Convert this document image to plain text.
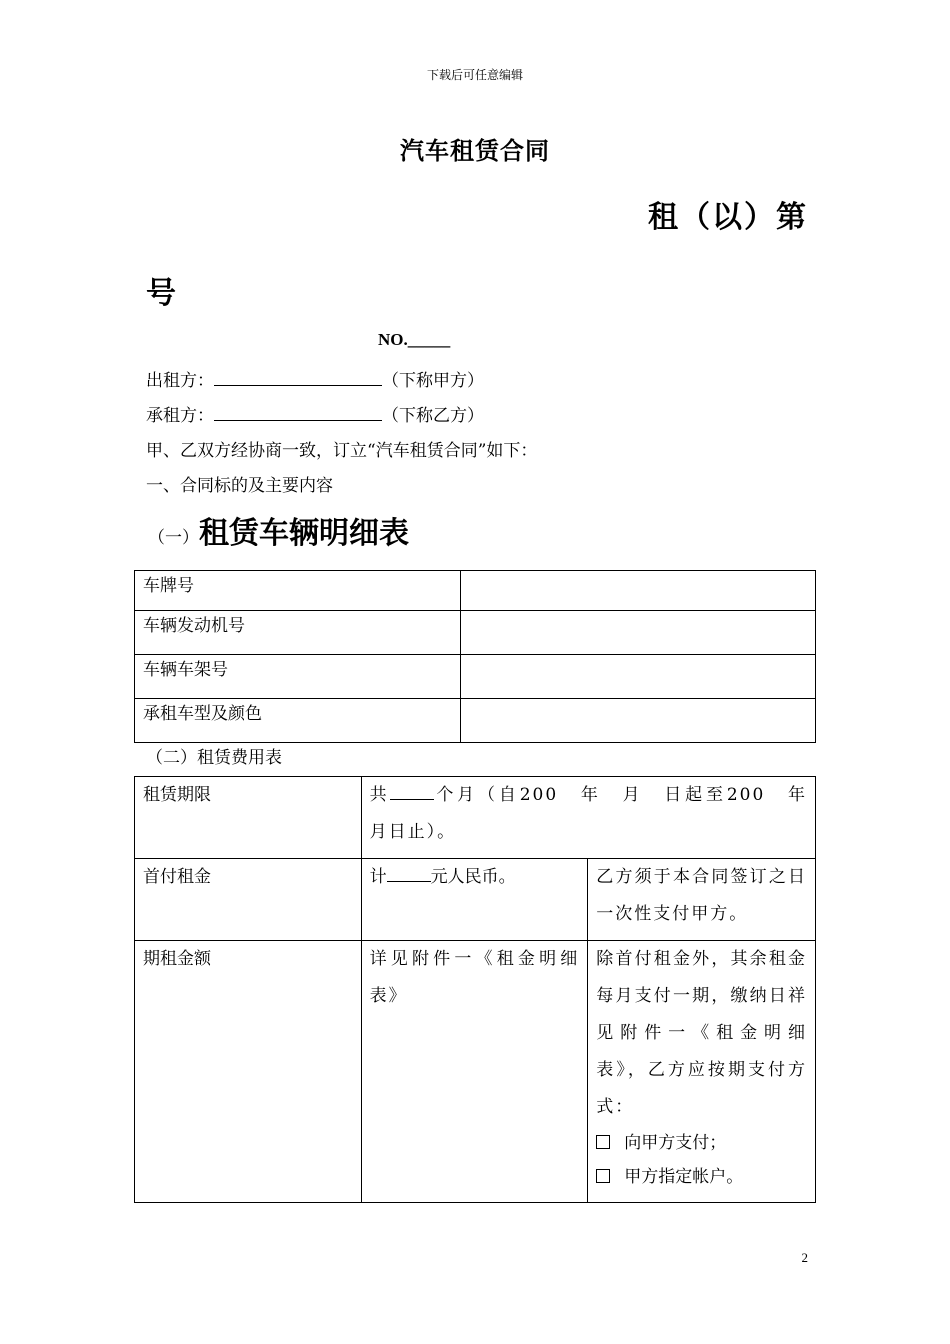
下载后可任意编辑
汽车租赁合同
租（以）第
号
NO._____
出租方：	（下称甲方）
承租方：	（下称乙方）
甲、乙双方经协商一致，订立“汽车租赁合同”如下：
一、合同标的及主要内容
（一）租赁车辆明细表
车牌号	
车辆发动机号	
车辆车架号	
承租车型及颜色	
（二）租赁费用表
租赁期限	共 个月（自200　年　月　日起至200　年　月日止）。	
首付租金	计 元人民币。	乙方须于本合同签订之日一次性支付甲方。
期租金额	详见附件一《租金明细表》	除首付租金外，其余租金每月支付一期，缴纳日祥见附件一《租金明细表》，乙方应按期支付方式：
向甲方支付；
甲方指定帐户。
2
